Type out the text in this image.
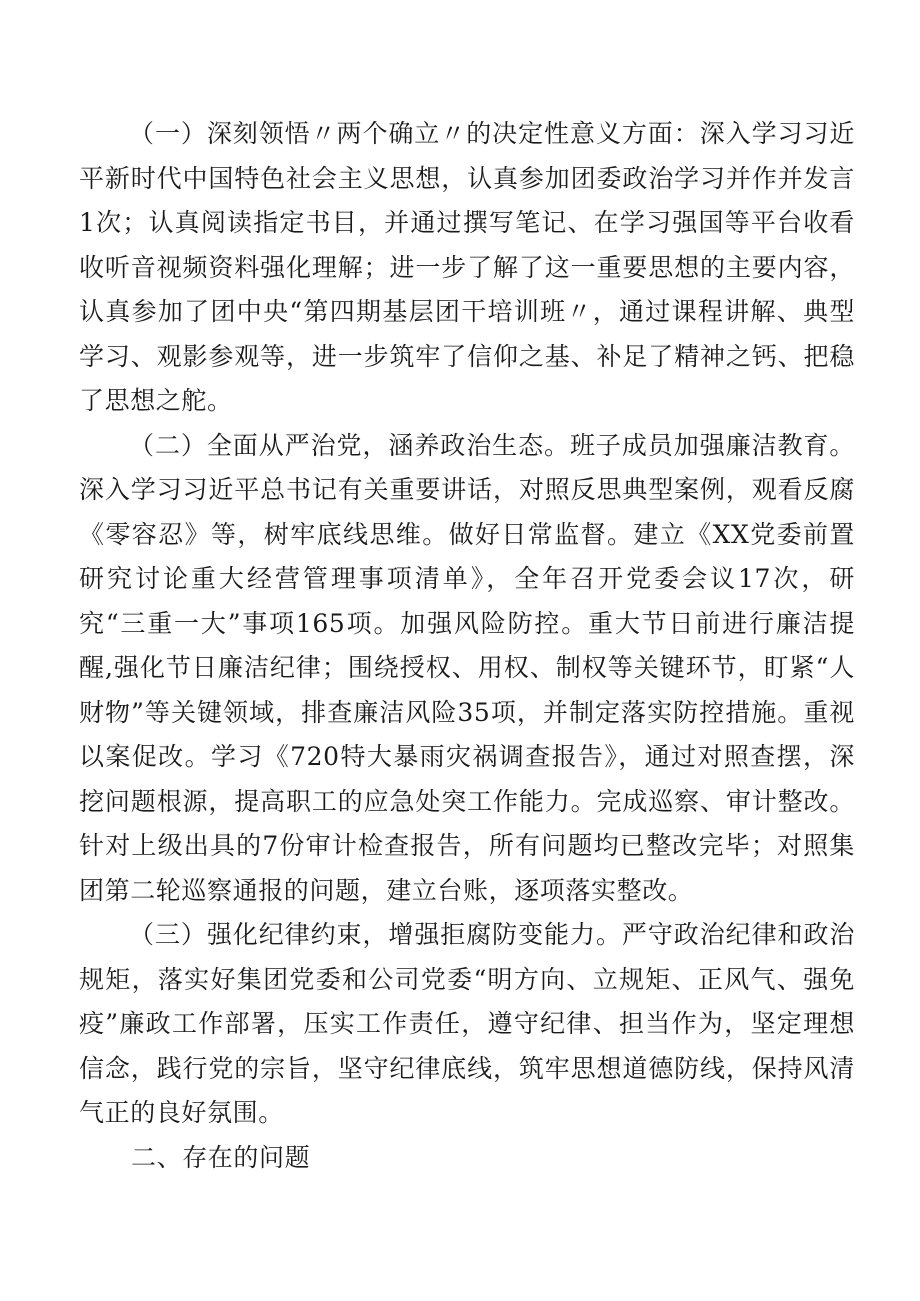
（一）深刻领悟〃两个确立〃的决定性意义方面：深入学习习近平新时代中国特色社会主义思想，认真参加团委政治学习并作并发言1次；认真阅读指定书目，并通过撰写笔记、在学习强国等平台收看收听音视频资料强化理解；进一步了解了这一重要思想的主要内容，认真参加了团中央“第四期基层团干培训班〃，通过课程讲解、典型学习、观影参观等，进一步筑牢了信仰之基、补足了精神之钙、把稳了思想之舵。

（二）全面从严治党，涵养政治生态。班子成员加强廉洁教育。深入学习习近平总书记有关重要讲话，对照反思典型案例，观看反腐《零容忍》等，树牢底线思维。做好日常监督。建立《XX党委前置研究讨论重大经营管理事项清单》，全年召开党委会议17次，研究“三重一大”事项165项。加强风险防控。重大节日前进行廉洁提醒,强化节日廉洁纪律；围绕授权、用权、制权等关键环节，盯紧“人财物”等关键领域，排查廉洁风险35项，并制定落实防控措施。重视以案促改。学习《720特大暴雨灾祸调查报告》，通过对照查摆，深挖问题根源，提高职工的应急处突工作能力。完成巡察、审计整改。针对上级出具的7份审计检查报告，所有问题均已整改完毕；对照集团第二轮巡察通报的问题，建立台账，逐项落实整改。

（三）强化纪律约束，增强拒腐防变能力。严守政治纪律和政治规矩，落实好集团党委和公司党委“明方向、立规矩、正风气、强免疫”廉政工作部署，压实工作责任，遵守纪律、担当作为，坚定理想信念，践行党的宗旨，坚守纪律底线，筑牢思想道德防线，保持风清气正的良好氛围。

二、存在的问题
